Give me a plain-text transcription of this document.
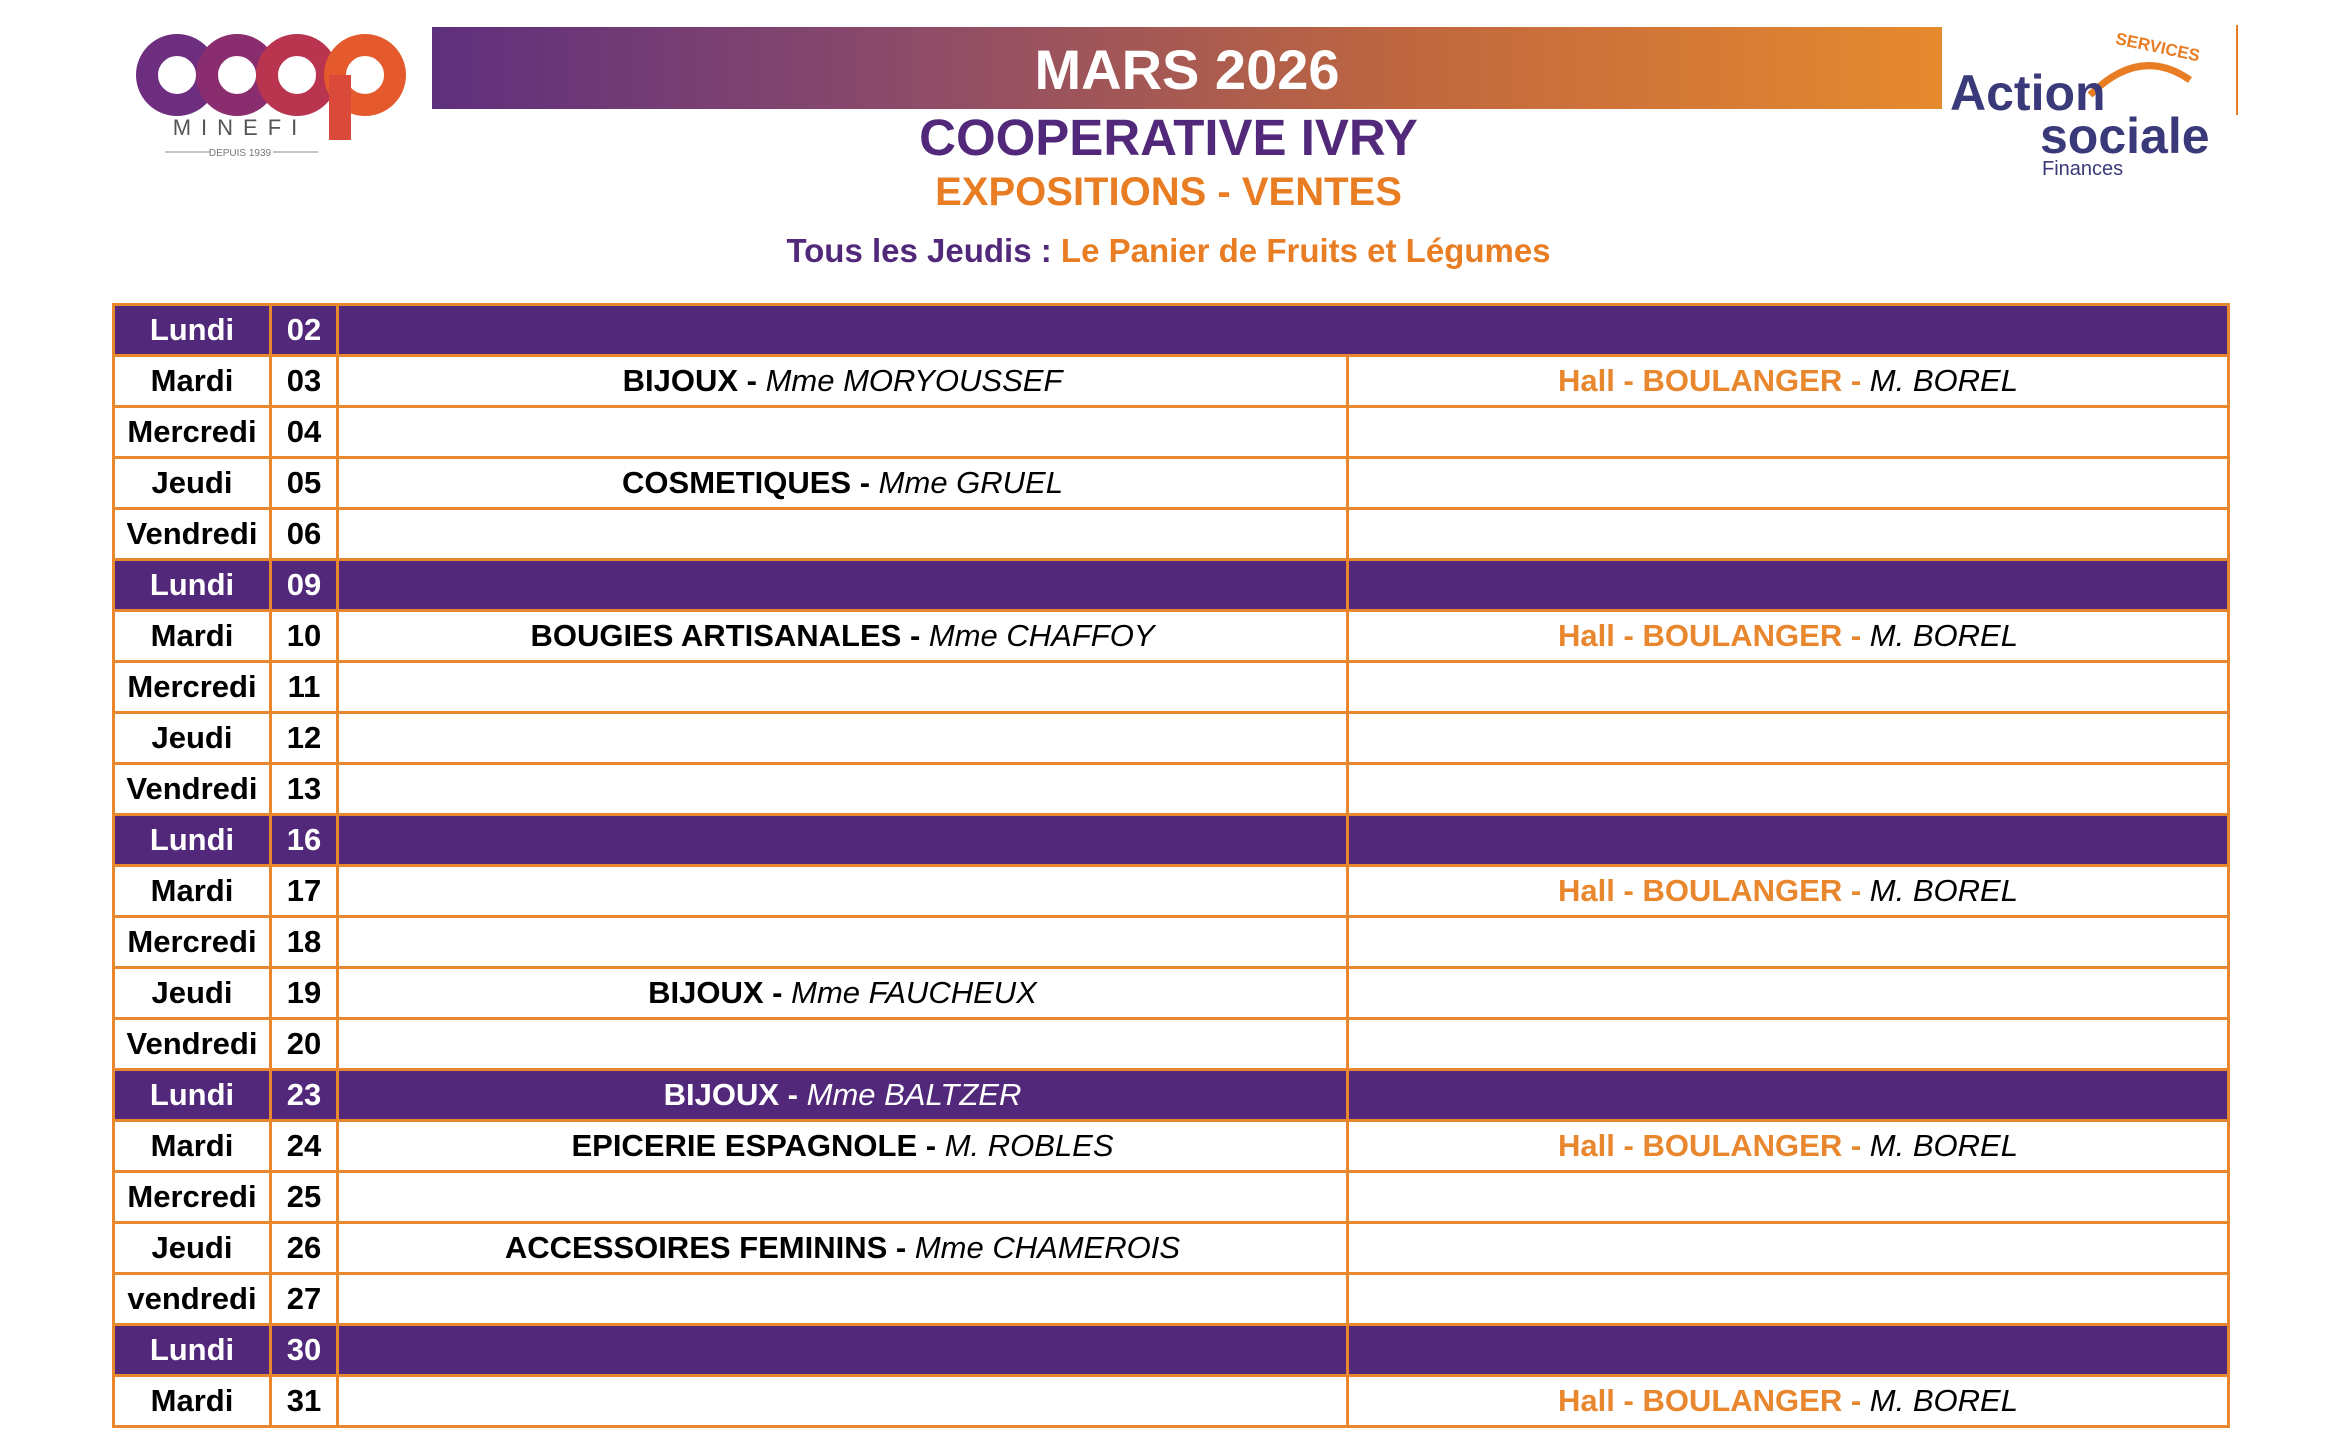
MINEFI
DEPUIS 1939
SERVICES
Action
sociale
Finances
MARS 2026
COOPERATIVE IVRY
EXPOSITIONS - VENTES
Tous les Jeudis : Le Panier de Fruits et Légumes
Lundi	02		
Mardi	03	BIJOUX - Mme MORYOUSSEF	Hall - BOULANGER - M. BOREL
Mercredi	04		
Jeudi	05	COSMETIQUES - Mme GRUEL	
Vendredi	06		
Lundi	09		
Mardi	10	BOUGIES ARTISANALES - Mme CHAFFOY	Hall - BOULANGER - M. BOREL
Mercredi	11		
Jeudi	12		
Vendredi	13		
Lundi	16		
Mardi	17		Hall - BOULANGER - M. BOREL
Mercredi	18		
Jeudi	19	BIJOUX - Mme FAUCHEUX	
Vendredi	20		
Lundi	23	BIJOUX - Mme BALTZER	
Mardi	24	EPICERIE ESPAGNOLE - M. ROBLES	Hall - BOULANGER - M. BOREL
Mercredi	25		
Jeudi	26	ACCESSOIRES FEMININS - Mme CHAMEROIS	
vendredi	27		
Lundi	30		
Mardi	31		Hall - BOULANGER - M. BOREL
